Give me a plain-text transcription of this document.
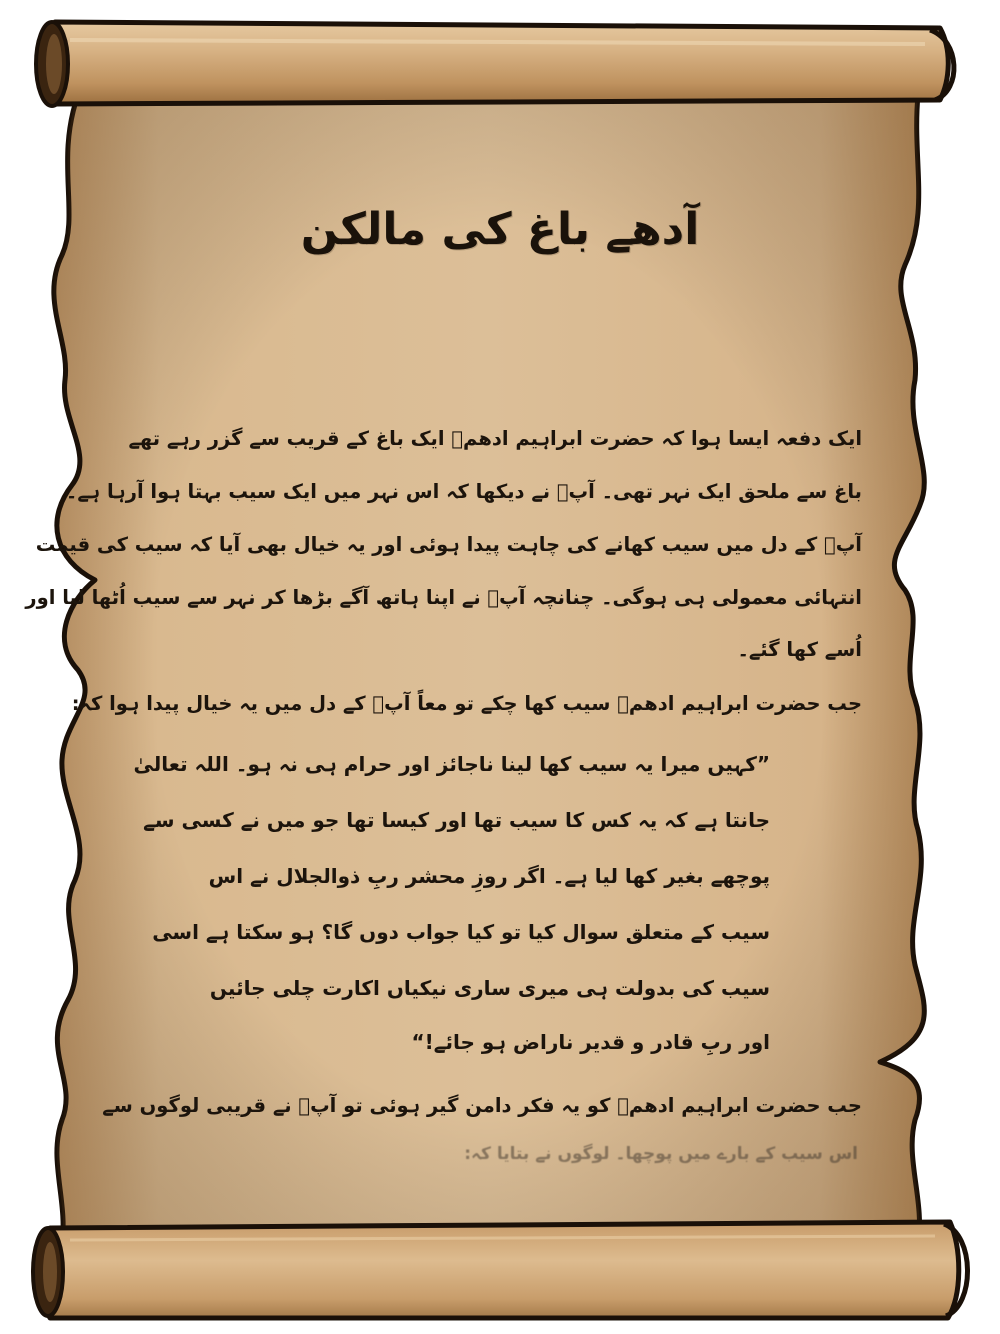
آدھے باغ کی مالکن

ایک دفعہ ایسا ہوا کہ حضرت ابراہیم ادھمؒ ایک باغ کے قریب سے گزر رہے تھے

باغ سے ملحق ایک نہر تھی۔ آپؒ نے دیکھا کہ اس نہر میں ایک سیب بہتا ہوا آرہا ہے۔

آپؒ کے دل میں سیب کھانے کی چاہت پیدا ہوئی اور یہ خیال بھی آیا کہ سیب کی قیمت

انتہائی معمولی ہی ہوگی۔ چنانچہ آپؒ نے اپنا ہاتھ آگے بڑھا کر نہر سے سیب اُٹھا لیا اور

اُسے کھا گئے۔

جب حضرت ابراہیم ادھمؒ سیب کھا چکے تو معاً آپؒ کے دل میں یہ خیال پیدا ہوا کہ:

”کہیں میرا یہ سیب کھا لینا ناجائز اور حرام ہی نہ ہو۔ اللہ تعالیٰ

جانتا ہے کہ یہ کس کا سیب تھا اور کیسا تھا جو میں نے کسی سے

پوچھے بغیر کھا لیا ہے۔ اگر روزِ محشر ربِ ذوالجلال نے اس

سیب کے متعلق سوال کیا تو کیا جواب دوں گا؟ ہو سکتا ہے اسی

سیب کی بدولت ہی میری ساری نیکیاں اکارت چلی جائیں

اور ربِ قادر و قدیر ناراض ہو جائے!“

جب حضرت ابراہیم ادھمؒ کو یہ فکر دامن گیر ہوئی تو آپؒ نے قریبی لوگوں سے

اس سیب کے بارے میں پوچھا۔ لوگوں نے بتایا کہ:
